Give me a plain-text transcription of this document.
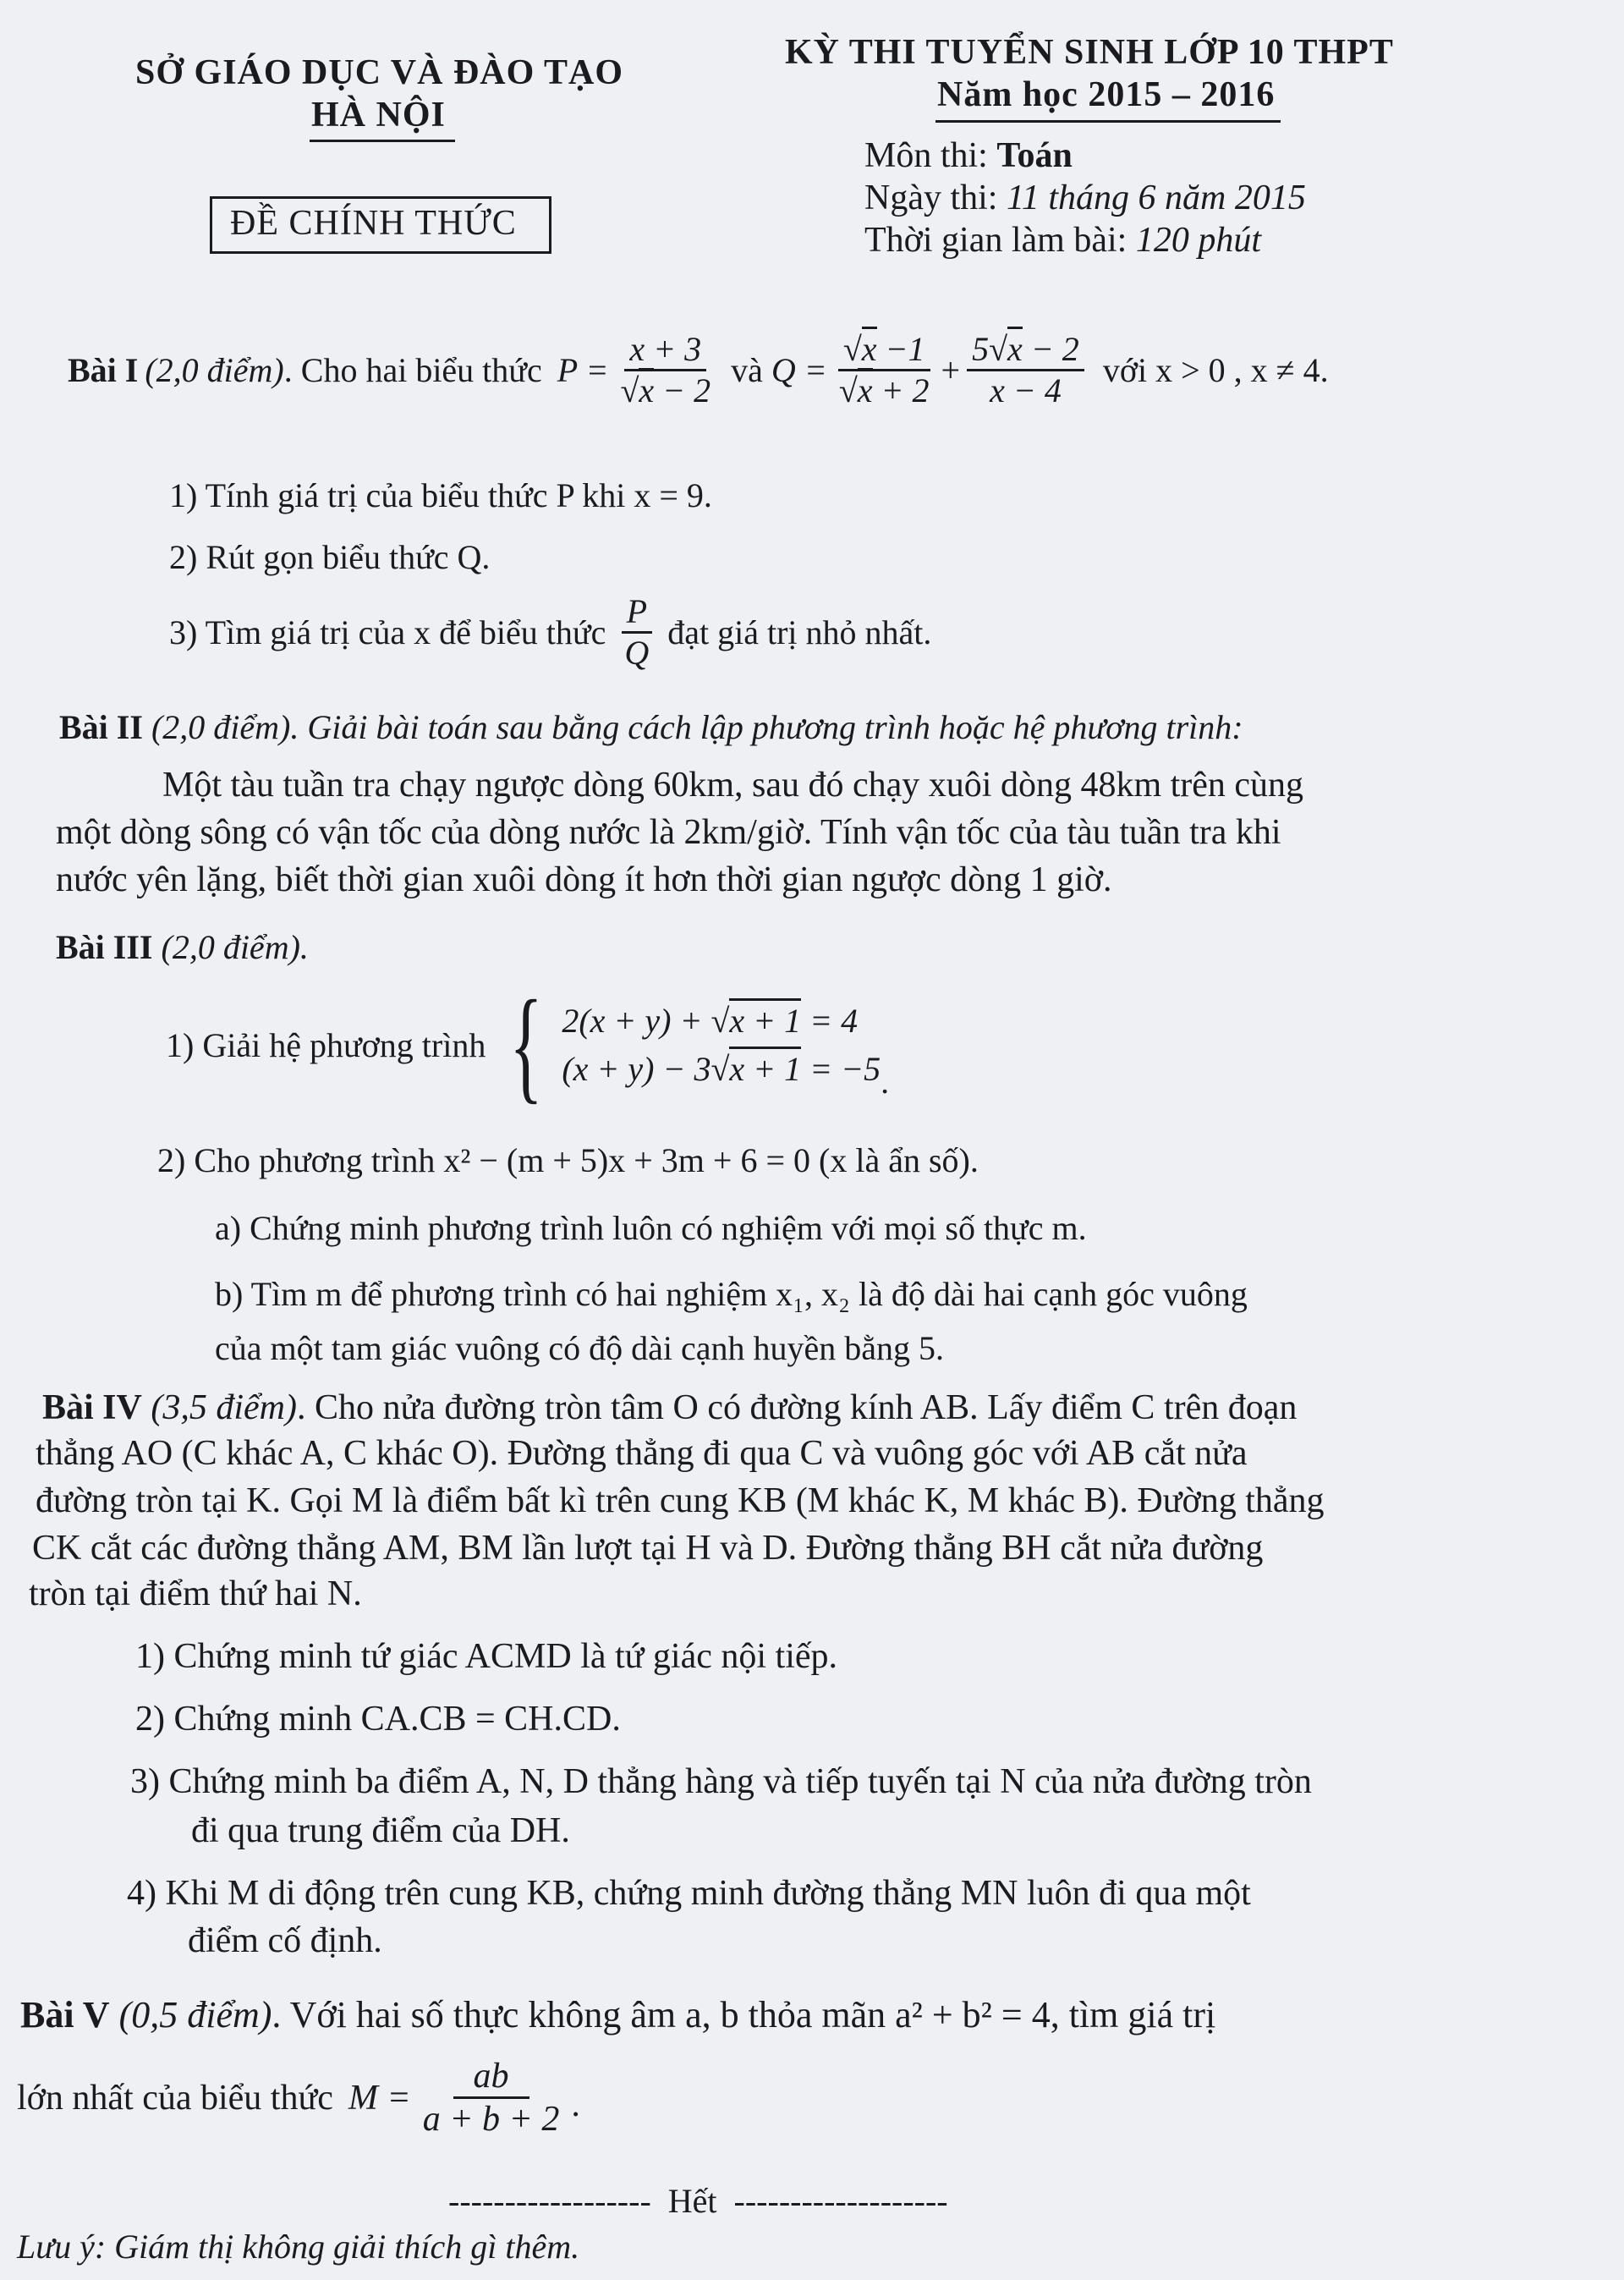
SỞ GIÁO DỤC VÀ ĐÀO TẠO
HÀ NỘI
ĐỀ CHÍNH THỨC
KỲ THI TUYỂN SINH LỚP 10 THPT
Năm học 2015 – 2016
Môn thi: Toán
Ngày thi: 11 tháng 6 năm 2015
Thời gian làm bài: 120 phút
Bài I (2,0 điểm) . Cho hai biểu thức $P = \frac{x + 3}{√x - 2}$ và $Q = \frac{√x -1}{√x + 2} + \frac{5√x - 2}{x - 4}$ với x > 0 , x ≠ 4.
1) Tính giá trị của biểu thức P khi x = 9.
2) Rút gọn biểu thức Q.
3) Tìm giá trị của x để biểu thức $\frac{P}{Q}$ đạt giá trị nhỏ nhất.
Bài II (2,0 điểm). Giải bài toán sau bằng cách lập phương trình hoặc hệ phương trình:
Một tàu tuần tra chạy ngược dòng 60km, sau đó chạy xuôi dòng 48km trên cùng
một dòng sông có vận tốc của dòng nước là 2km/giờ. Tính vận tốc của tàu tuần tra khi
nước yên lặng, biết thời gian xuôi dòng ít hơn thời gian ngược dòng 1 giờ.
Bài III (2,0 điểm).
1) Giải hệ phương trình { 2(x + y) + √x + 1 = 4
(x + y) − 3√x + 1 = −5 .
2) Cho phương trình x² − (m + 5)x + 3m + 6 = 0 (x là ẩn số).
a) Chứng minh phương trình luôn có nghiệm với mọi số thực m.
b) Tìm m để phương trình có hai nghiệm x₁, x₂ là độ dài hai cạnh góc vuông
của một tam giác vuông có độ dài cạnh huyền bằng 5.
Bài IV (3,5 điểm). Cho nửa đường tròn tâm O có đường kính AB. Lấy điểm C trên đoạn
thẳng AO (C khác A, C khác O). Đường thẳng đi qua C và vuông góc với AB cắt nửa
đường tròn tại K. Gọi M là điểm bất kì trên cung KB (M khác K, M khác B). Đường thẳng
CK cắt các đường thẳng AM, BM lần lượt tại H và D. Đường thẳng BH cắt nửa đường
tròn tại điểm thứ hai N.
1) Chứng minh tứ giác ACMD là tứ giác nội tiếp.
2) Chứng minh CA.CB = CH.CD.
3) Chứng minh ba điểm A, N, D thẳng hàng và tiếp tuyến tại N của nửa đường tròn
đi qua trung điểm của DH.
4) Khi M di động trên cung KB, chứng minh đường thẳng MN luôn đi qua một
điểm cố định.
Bài V (0,5 điểm). Với hai số thực không âm a, b thỏa mãn a² + b² = 4, tìm giá trị
lớn nhất của biểu thức $M = \frac{ab}{a + b + 2}$ .
------------------ Hết -------------------
Lưu ý: Giám thị không giải thích gì thêm.
